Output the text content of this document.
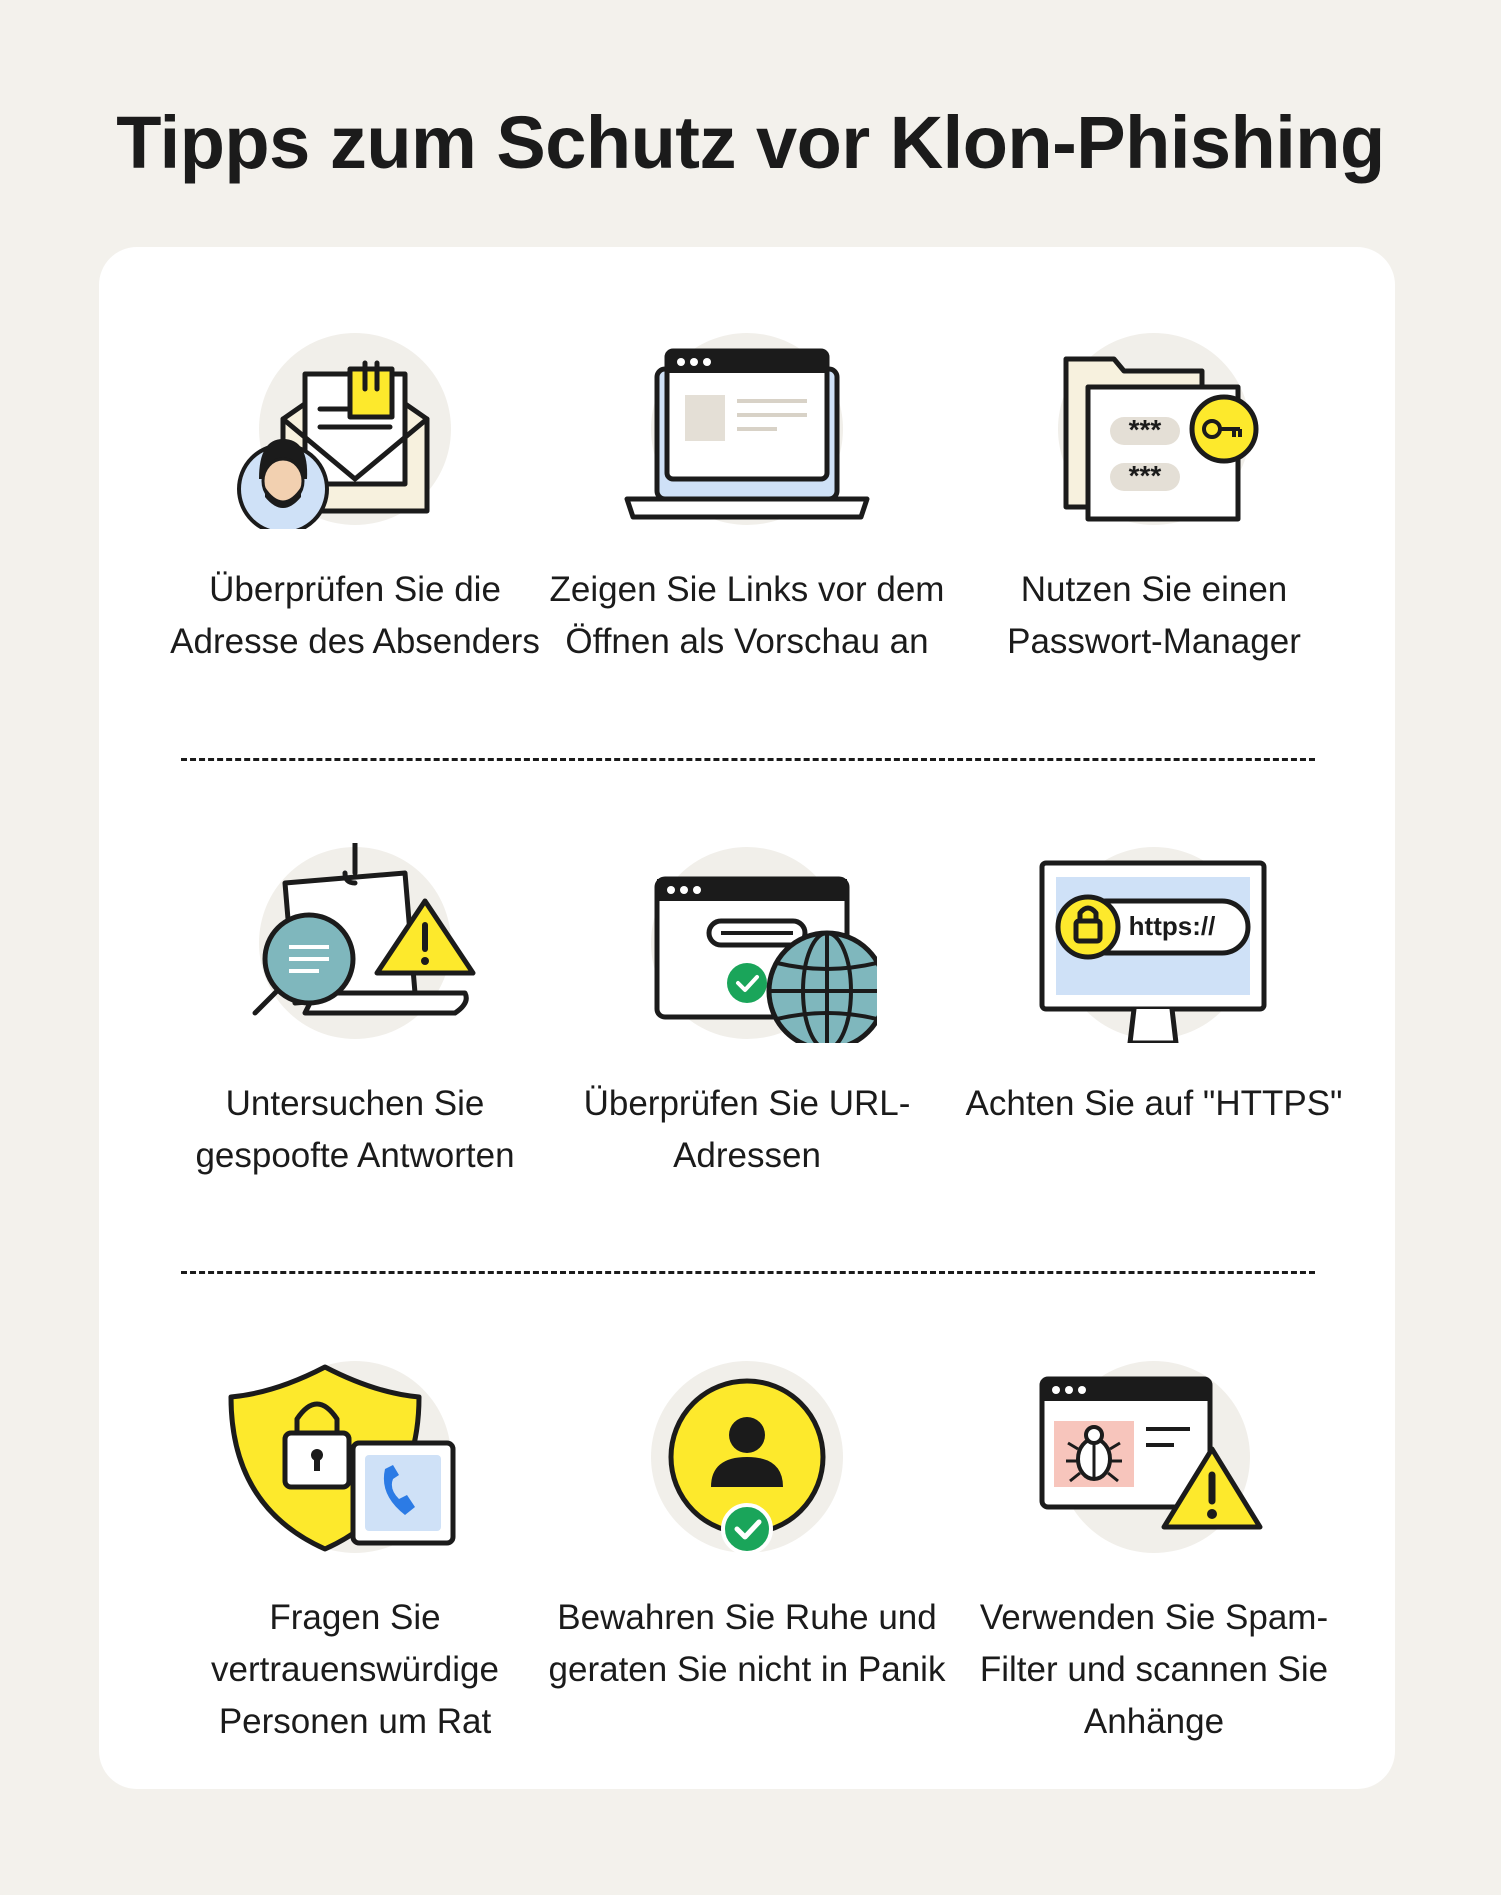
Tipps zum Schutz vor Klon-Phishing
Überprüfen Sie die Adresse des Absenders
Zeigen Sie Links vor dem Öffnen als Vorschau an
***
***
Nutzen Sie einen Passwort-Manager
Untersuchen Sie gespoofte Antworten
Überprüfen Sie URL-Adressen
https://
Achten Sie auf "HTTPS"
Fragen Sie vertrauenswürdige Personen um Rat
Bewahren Sie Ruhe und geraten Sie nicht in Panik
Verwenden Sie Spam-Filter und scannen Sie Anhänge
